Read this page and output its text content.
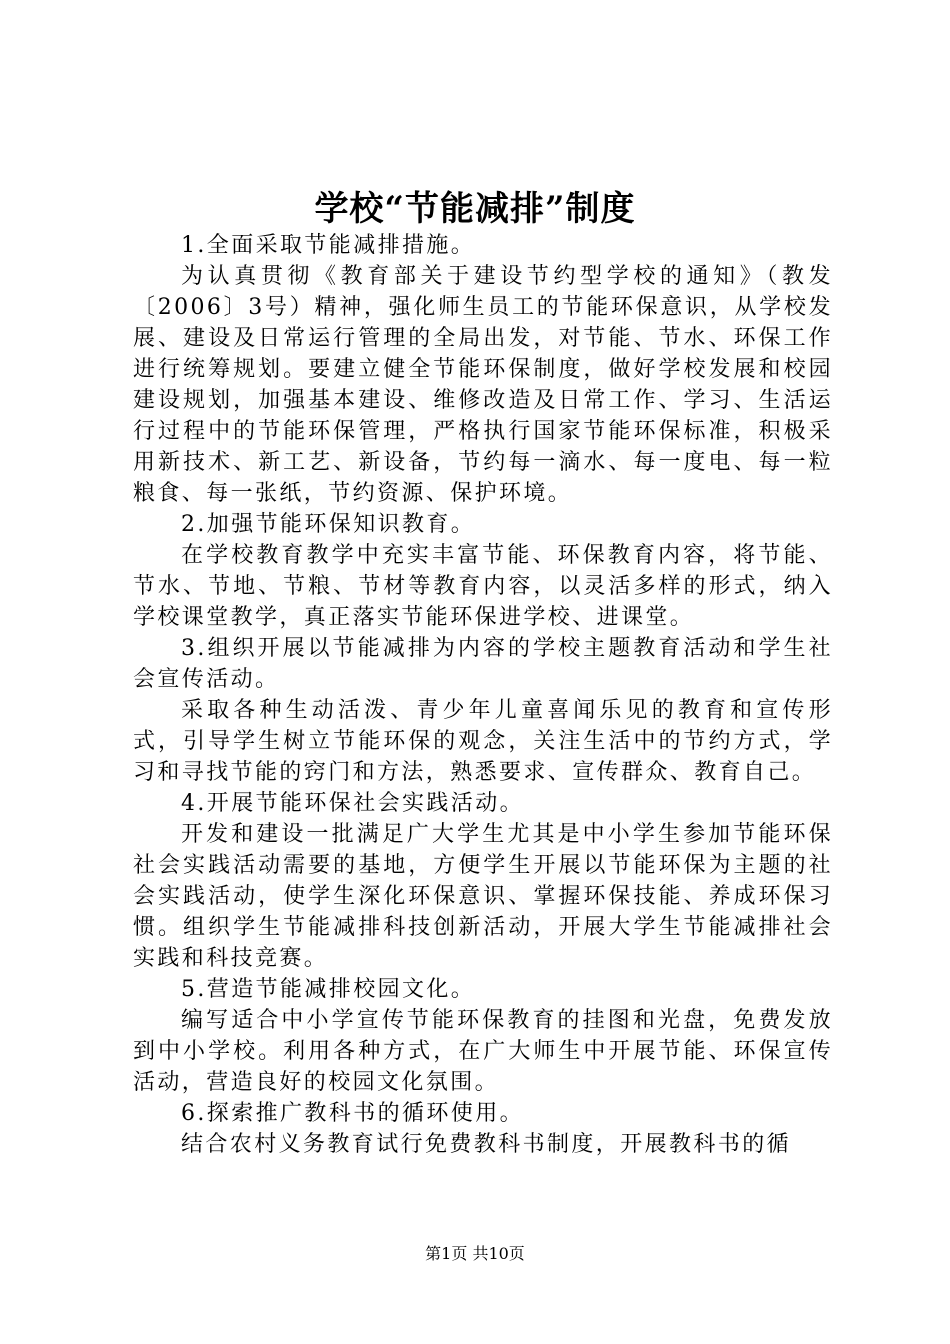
学校“节能减排”制度

1.全面采取节能减排措施。

为认真贯彻《教育部关于建设节约型学校的通知》（教发〔2006〕3号）精神，强化师生员工的节能环保意识，从学校发展、建设及日常运行管理的全局出发，对节能、节水、环保工作进行统筹规划。要建立健全节能环保制度，做好学校发展和校园建设规划，加强基本建设、维修改造及日常工作、学习、生活运行过程中的节能环保管理，严格执行国家节能环保标准，积极采用新技术、新工艺、新设备，节约每一滴水、每一度电、每一粒粮食、每一张纸，节约资源、保护环境。

2.加强节能环保知识教育。

在学校教育教学中充实丰富节能、环保教育内容，将节能、节水、节地、节粮、节材等教育内容，以灵活多样的形式，纳入学校课堂教学，真正落实节能环保进学校、进课堂。

3.组织开展以节能减排为内容的学校主题教育活动和学生社会宣传活动。

采取各种生动活泼、青少年儿童喜闻乐见的教育和宣传形式，引导学生树立节能环保的观念，关注生活中的节约方式，学习和寻找节能的窍门和方法，熟悉要求、宣传群众、教育自己。

4.开展节能环保社会实践活动。

开发和建设一批满足广大学生尤其是中小学生参加节能环保社会实践活动需要的基地，方便学生开展以节能环保为主题的社会实践活动，使学生深化环保意识、掌握环保技能、养成环保习惯。组织学生节能减排科技创新活动，开展大学生节能减排社会实践和科技竞赛。

5.营造节能减排校园文化。

编写适合中小学宣传节能环保教育的挂图和光盘，免费发放到中小学校。利用各种方式，在广大师生中开展节能、环保宣传活动，营造良好的校园文化氛围。

6.探索推广教科书的循环使用。

结合农村义务教育试行免费教科书制度，开展教科书的循

第1页 共10页
